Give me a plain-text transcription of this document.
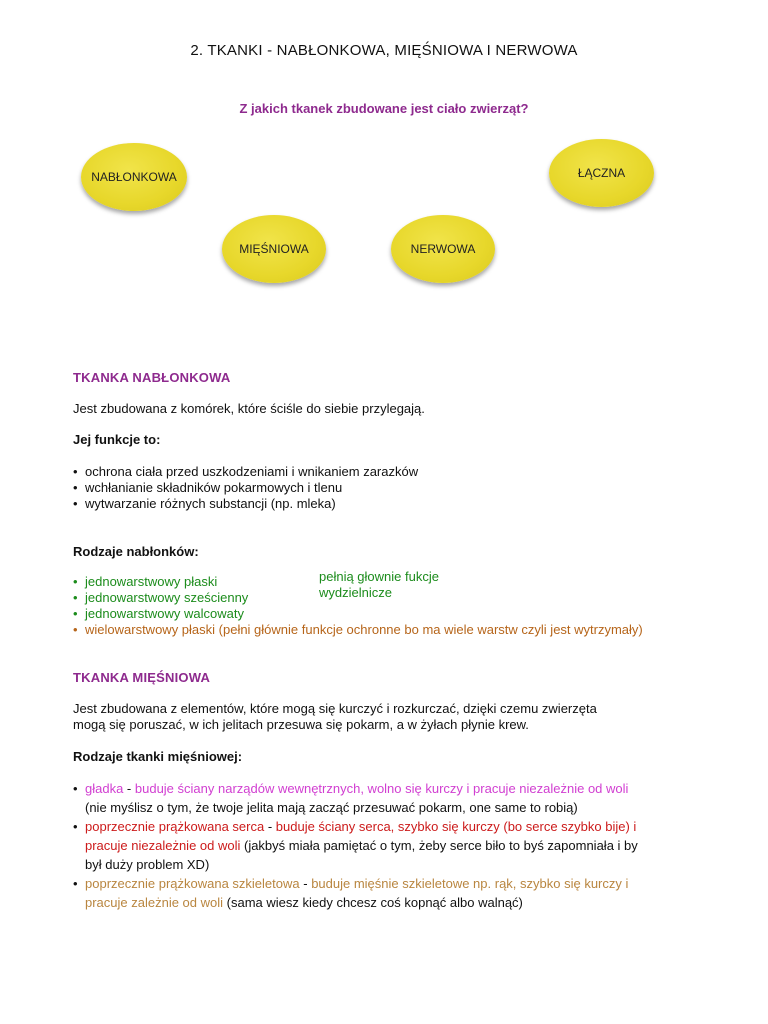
2. TKANKI - NABŁONKOWA, MIĘŚNIOWA I NERWOWA
Z jakich tkanek zbudowane jest ciało zwierząt?
NABŁONKOWA
MIĘŚNIOWA	NERWOWA
ŁĄCZNA
TKANKA NABŁONKOWA
Jest zbudowana z komórek, które ściśle do siebie przylegają.
Jej funkcje to:
• ochrona ciała przed uszkodzeniami i wnikaniem zarazków
• wchłanianie składników pokarmowych i tlenu
• wytwarzanie różnych substancji (np. mleka)
Rodzaje nabłonków:
• jednowarstwowy płaski
• jednowarstwowy sześcienny
• jednowarstwowy walcowaty
• wielowarstwowy płaski (pełni głównie funkcje ochronne bo ma wiele warstw czyli jest wytrzymały)
pełnią głownie fukcje
wydzielnicze
TKANKA MIĘŚNIOWA
Jest zbudowana z elementów, które mogą się kurczyć i rozkurczać, dzięki czemu zwierzęta
mogą się poruszać, w ich jelitach przesuwa się pokarm, a w żyłach płynie krew.
Rodzaje tkanki mięśniowej:
• gładka - buduje ściany narządów wewnętrznych, wolno się kurczy i pracuje niezależnie od woli
(nie myślisz o tym, że twoje jelita mają zacząć przesuwać pokarm, one same to robią)
• poprzecznie prążkowana serca - buduje ściany serca, szybko się kurczy (bo serce szybko bije) i
pracuje niezależnie od woli (jakbyś miała pamiętać o tym, żeby serce biło to byś zapomniała i by
był duży problem XD)
• poprzecznie prążkowana szkieletowa - buduje mięśnie szkieletowe np. rąk, szybko się kurczy i
pracuje zależnie od woli (sama wiesz kiedy chcesz coś kopnąć albo walnąć)
